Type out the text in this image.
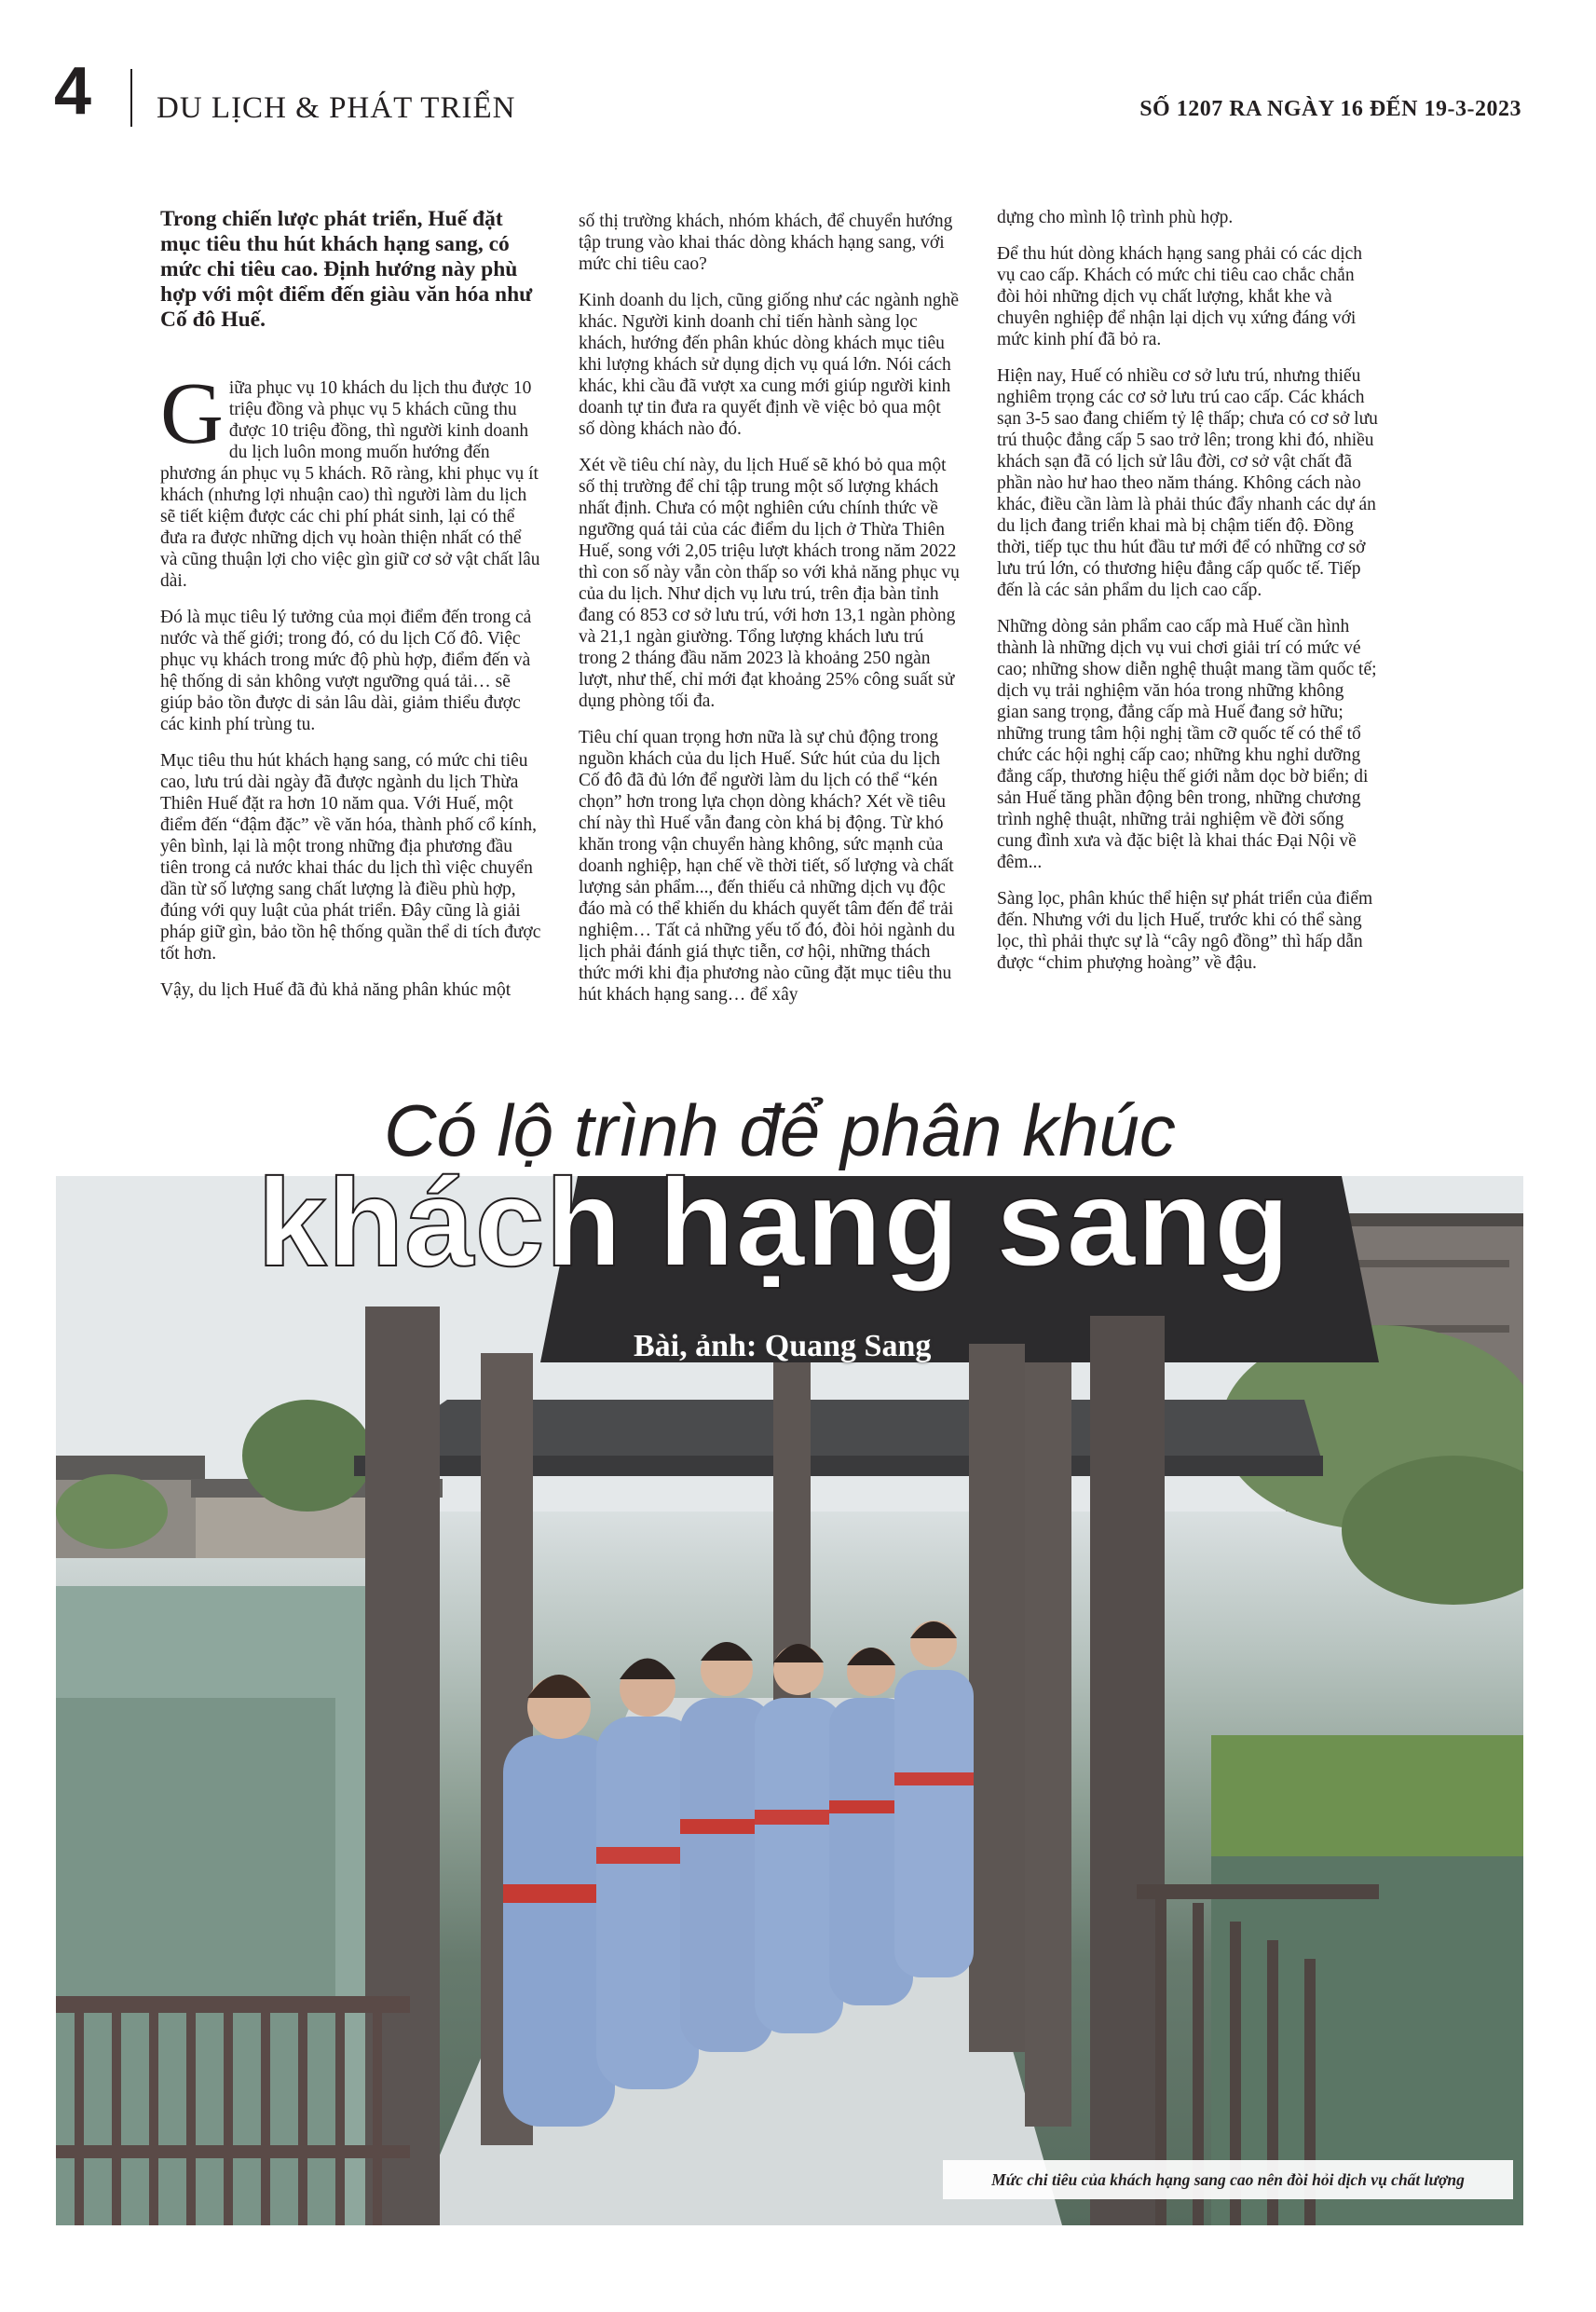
4 DU LỊCH & PHÁT TRIỂN	SỐ 1207 RA NGÀY 16 ĐẾN 19-3-2023

Trong chiến lược phát triển, Huế đặt mục tiêu thu hút khách hạng sang, có mức chi tiêu cao. Định hướng này phù hợp với một điểm đến giàu văn hóa như Cố đô Huế.

Giữa phục vụ 10 khách du lịch thu được 10 triệu đồng và phục vụ 5 khách cũng thu được 10 triệu đồng, thì người kinh doanh du lịch luôn mong muốn hướng đến phương án phục vụ 5 khách. Rõ ràng, khi phục vụ ít khách (nhưng lợi nhuận cao) thì người làm du lịch sẽ tiết kiệm được các chi phí phát sinh, lại có thể đưa ra được những dịch vụ hoàn thiện nhất có thể và cũng thuận lợi cho việc gìn giữ cơ sở vật chất lâu dài.

Đó là mục tiêu lý tưởng của mọi điểm đến trong cả nước và thế giới; trong đó, có du lịch Cố đô. Việc phục vụ khách trong mức độ phù hợp, điểm đến và hệ thống di sản không vượt ngưỡng quá tải… sẽ giúp bảo tồn được di sản lâu dài, giảm thiểu được các kinh phí trùng tu.

Mục tiêu thu hút khách hạng sang, có mức chi tiêu cao, lưu trú dài ngày đã được ngành du lịch Thừa Thiên Huế đặt ra hơn 10 năm qua. Với Huế, một điểm đến “đậm đặc” về văn hóa, thành phố cổ kính, yên bình, lại là một trong những địa phương đầu tiên trong cả nước khai thác du lịch thì việc chuyển dần từ số lượng sang chất lượng là điều phù hợp, đúng với quy luật của phát triển. Đây cũng là giải pháp giữ gìn, bảo tồn hệ thống quần thể di tích được tốt hơn.

Vậy, du lịch Huế đã đủ khả năng phân khúc một

số thị trường khách, nhóm khách, để chuyển hướng tập trung vào khai thác dòng khách hạng sang, với mức chi tiêu cao?

Kinh doanh du lịch, cũng giống như các ngành nghề khác. Người kinh doanh chỉ tiến hành sàng lọc khách, hướng đến phân khúc dòng khách mục tiêu khi lượng khách sử dụng dịch vụ quá lớn. Nói cách khác, khi cầu đã vượt xa cung mới giúp người kinh doanh tự tin đưa ra quyết định về việc bỏ qua một số dòng khách nào đó.

Xét về tiêu chí này, du lịch Huế sẽ khó bỏ qua một số thị trường để chỉ tập trung một số lượng khách nhất định. Chưa có một nghiên cứu chính thức về ngưỡng quá tải của các điểm du lịch ở Thừa Thiên Huế, song với 2,05 triệu lượt khách trong năm 2022 thì con số này vẫn còn thấp so với khả năng phục vụ của du lịch. Như dịch vụ lưu trú, trên địa bàn tỉnh đang có 853 cơ sở lưu trú, với hơn 13,1 ngàn phòng và 21,1 ngàn giường. Tổng lượng khách lưu trú trong 2 tháng đầu năm 2023 là khoảng 250 ngàn lượt, như thế, chỉ mới đạt khoảng 25% công suất sử dụng phòng tối đa.

Tiêu chí quan trọng hơn nữa là sự chủ động trong nguồn khách của du lịch Huế. Sức hút của du lịch Cố đô đã đủ lớn để người làm du lịch có thể “kén chọn” hơn trong lựa chọn dòng khách? Xét về tiêu chí này thì Huế vẫn đang còn khá bị động. Từ khó khăn trong vận chuyển hàng không, sức mạnh của doanh nghiệp, hạn chế về thời tiết, số lượng và chất lượng sản phẩm..., đến thiếu cả những dịch vụ độc đáo mà có thể khiến du khách quyết tâm đến để trải nghiệm… Tất cả những yếu tố đó, đòi hỏi ngành du lịch phải đánh giá thực tiễn, cơ hội, những thách thức mới khi địa phương nào cũng đặt mục tiêu thu hút khách hạng sang… để xây

dựng cho mình lộ trình phù hợp.

Để thu hút dòng khách hạng sang phải có các dịch vụ cao cấp. Khách có mức chi tiêu cao chắc chắn đòi hỏi những dịch vụ chất lượng, khắt khe và chuyên nghiệp để nhận lại dịch vụ xứng đáng với mức kinh phí đã bỏ ra.

Hiện nay, Huế có nhiều cơ sở lưu trú, nhưng thiếu nghiêm trọng các cơ sở lưu trú cao cấp. Các khách sạn 3-5 sao đang chiếm tỷ lệ thấp; chưa có cơ sở lưu trú thuộc đẳng cấp 5 sao trở lên; trong khi đó, nhiều khách sạn đã có lịch sử lâu đời, cơ sở vật chất đã phần nào hư hao theo năm tháng. Không cách nào khác, điều cần làm là phải thúc đẩy nhanh các dự án du lịch đang triển khai mà bị chậm tiến độ. Đồng thời, tiếp tục thu hút đầu tư mới để có những cơ sở lưu trú lớn, có thương hiệu đẳng cấp quốc tế. Tiếp đến là các sản phẩm du lịch cao cấp.

Những dòng sản phẩm cao cấp mà Huế cần hình thành là những dịch vụ vui chơi giải trí có mức vé cao; những show diễn nghệ thuật mang tầm quốc tế; dịch vụ trải nghiệm văn hóa trong những không gian sang trọng, đẳng cấp mà Huế đang sở hữu; những trung tâm hội nghị tầm cỡ quốc tế có thể tổ chức các hội nghị cấp cao; những khu nghỉ dưỡng đẳng cấp, thương hiệu thế giới nằm dọc bờ biển; di sản Huế tăng phần động bên trong, những chương trình nghệ thuật, những trải nghiệm về đời sống cung đình xưa và đặc biệt là khai thác Đại Nội về đêm...

Sàng lọc, phân khúc thể hiện sự phát triển của điểm đến. Nhưng với du lịch Huế, trước khi có thể sàng lọc, thì phải thực sự là “cây ngô đồng” thì hấp dẫn được “chim phượng hoàng” về đậu.

Có lộ trình để phân khúc
khách hạng sang
Bài, ảnh: Quang Sang
Mức chi tiêu của khách hạng sang cao nên đòi hỏi dịch vụ chất lượng
